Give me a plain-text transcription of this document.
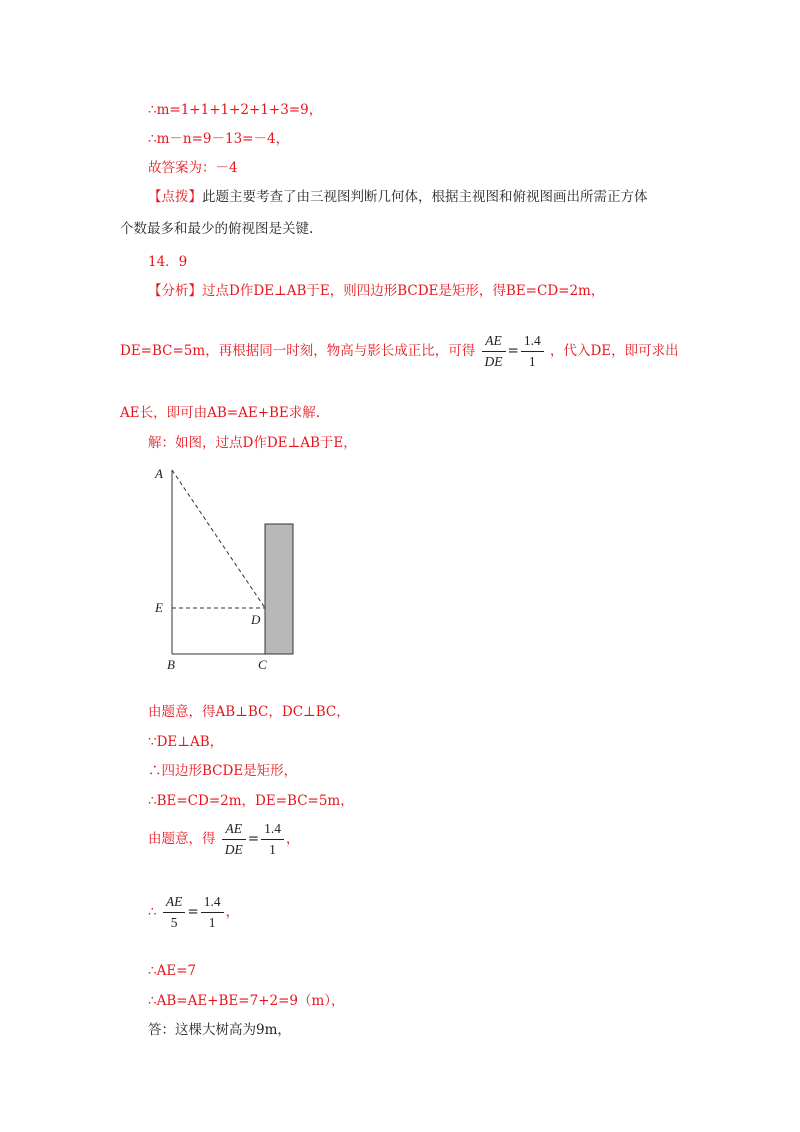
∴m=1+1+1+2+1+3=9，
∴m－n=9－13=－4，
故答案为：－4
【点拨】此题主要考查了由三视图判断几何体，根据主视图和俯视图画出所需正方体
个数最多和最少的俯视图是关键.
14．9
【分析】过点D作DE⊥AB于E，则四边形BCDE是矩形，得BE=CD=2m，
DE=BC=5m，再根据同一时刻，物高与影长成正比，可得 $\frac{AE}{DE} = \frac{1.4}{1}$ ，代入DE，即可求出
AE长，即可由AB=AE+BE求解.
解：如图，过点D作DE⊥AB于E，
A
E
D
B	C
由题意，得AB⊥BC，DC⊥BC，
∵DE⊥AB，
∴四边形BCDE是矩形，
∴BE=CD=2m，DE=BC=5m，
由题意，得 $\frac{AE}{DE} = \frac{1.4}{1}$ ，
∴ $\frac{AE}{5} = \frac{1.4}{1}$ ，
∴AE=7
∴AB=AE+BE=7+2=9（m），
答：这棵大树高为9m，
